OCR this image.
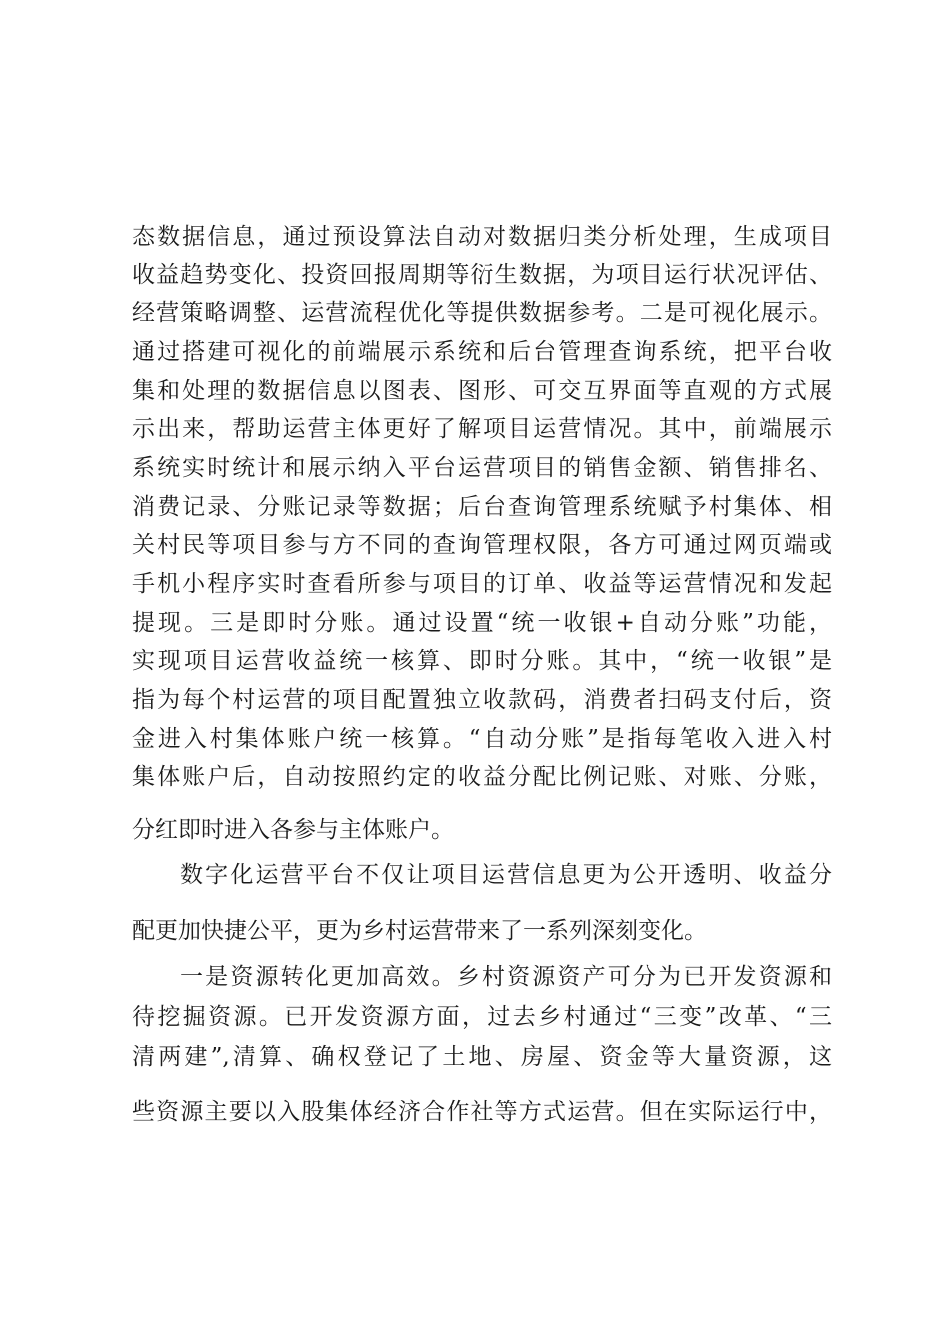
态数据信息，通过预设算法自动对数据归类分析处理，生成项目
收益趋势变化、投资回报周期等衍生数据，为项目运行状况评估、
经营策略调整、运营流程优化等提供数据参考。二是可视化展示。
通过搭建可视化的前端展示系统和后台管理查询系统，把平台收
集和处理的数据信息以图表、图形、可交互界面等直观的方式展
示出来，帮助运营主体更好了解项目运营情况。其中，前端展示
系统实时统计和展示纳入平台运营项目的销售金额、销售排名、
消费记录、分账记录等数据；后台查询管理系统赋予村集体、相
关村民等项目参与方不同的查询管理权限，各方可通过网页端或
手机小程序实时查看所参与项目的订单、收益等运营情况和发起
提现。三是即时分账。通过设置“统一收银+自动分账”功能，
实现项目运营收益统一核算、即时分账。其中，“统一收银”是
指为每个村运营的项目配置独立收款码，消费者扫码支付后，资
金进入村集体账户统一核算。“自动分账”是指每笔收入进入村
集体账户后，自动按照约定的收益分配比例记账、对账、分账，
分红即时进入各参与主体账户。
数字化运营平台不仅让项目运营信息更为公开透明、收益分
配更加快捷公平，更为乡村运营带来了一系列深刻变化。
一是资源转化更加高效。乡村资源资产可分为已开发资源和
待挖掘资源。已开发资源方面，过去乡村通过“三变”改革、“三
清两建”,清算、确权登记了土地、房屋、资金等大量资源，这
些资源主要以入股集体经济合作社等方式运营。但在实际运行中，
